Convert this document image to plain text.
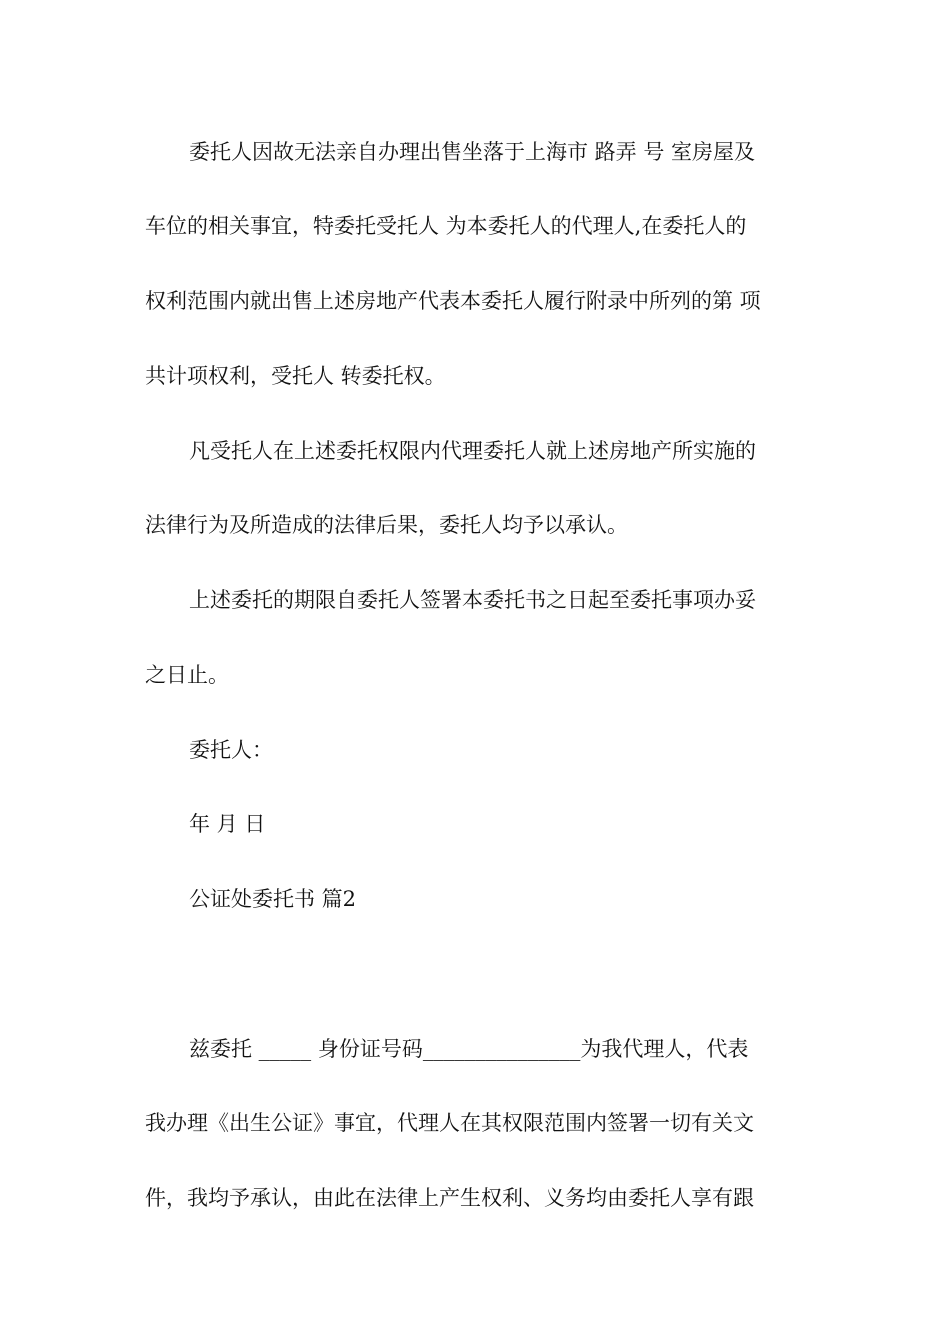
委托人因故无法亲自办理出售坐落于上海市 路弄 号 室房屋及
车位的相关事宜，特委托受托人 为本委托人的代理人,在委托人的
权利范围内就出售上述房地产代表本委托人履行附录中所列的第 项
共计项权利，受托人 转委托权。
凡受托人在上述委托权限内代理委托人就上述房地产所实施的
法律行为及所造成的法律后果，委托人均予以承认。
上述委托的期限自委托人签署本委托书之日起至委托事项办妥
之日止。
委托人：
年 月 日
公证处委托书 篇2
兹委托 _____ 身份证号码_______________为我代理人，代表
我办理《出生公证》事宜，代理人在其权限范围内签署一切有关文
件，我均予承认，由此在法律上产生权利、义务均由委托人享有跟
